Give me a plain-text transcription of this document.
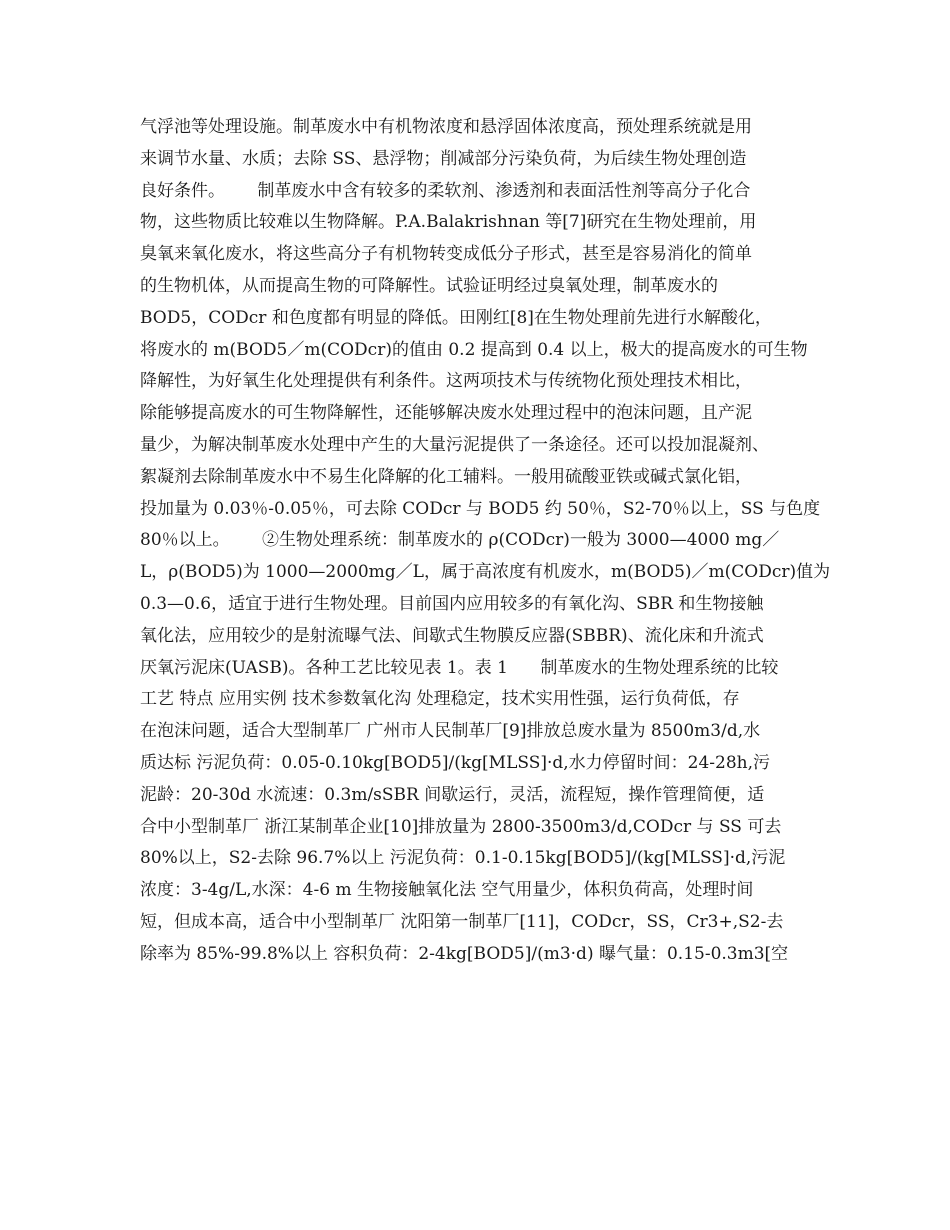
气浮池等处理设施。制革废水中有机物浓度和悬浮固体浓度高，预处理系统就是用
来调节水量、水质；去除 SS、悬浮物；削减部分污染负荷，为后续生物处理创造
良好条件。      制革废水中含有较多的柔软剂、渗透剂和表面活性剂等高分子化合
物，这些物质比较难以生物降解。P.A.Balakrishnan 等[7]研究在生物处理前，用
臭氧来氧化废水，将这些高分子有机物转变成低分子形式，甚至是容易消化的简单
的生物机体，从而提高生物的可降解性。试验证明经过臭氧处理，制革废水的
BOD5，CODcr 和色度都有明显的降低。田刚红[8]在生物处理前先进行水解酸化，
将废水的 m(BOD5／m(CODcr)的值由 0.2 提高到 0.4 以上，极大的提高废水的可生物
降解性，为好氧生化处理提供有利条件。这两项技术与传统物化预处理技术相比，
除能够提高废水的可生物降解性，还能够解决废水处理过程中的泡沫问题，且产泥
量少，为解决制革废水处理中产生的大量污泥提供了一条途径。还可以投加混凝剂、
絮凝剂去除制革废水中不易生化降解的化工辅料。一般用硫酸亚铁或碱式氯化铝，
投加量为 0.03％-0.05％，可去除 CODcr 与 BOD5 约 50％，S2-70％以上，SS 与色度
80％以上。      ②生物处理系统：制革废水的 ρ(CODcr)一般为 3000—4000 mg／
L，ρ(BOD5)为 1000—2000mg／L，属于高浓度有机废水，m(BOD5)／m(CODcr)值为
0.3—0.6，适宜于进行生物处理。目前国内应用较多的有氧化沟、SBR 和生物接触
氧化法，应用较少的是射流曝气法、间歇式生物膜反应器(SBBR)、流化床和升流式
厌氧污泥床(UASB)。各种工艺比较见表 1。表 1      制革废水的生物处理系统的比较
工艺 特点 应用实例 技术参数氧化沟 处理稳定，技术实用性强，运行负荷低，存
在泡沫问题，适合大型制革厂 广州市人民制革厂[9]排放总废水量为 8500m3/d,水
质达标 污泥负荷：0.05-0.10kg[BOD5]/(kg[MLSS]·d,水力停留时间：24-28h,污
泥龄：20-30d 水流速：0.3m/sSBR 间歇运行，灵活，流程短，操作管理简便，适
合中小型制革厂 浙江某制革企业[10]排放量为 2800-3500m3/d,CODcr 与 SS 可去
80%以上，S2-去除 96.7%以上 污泥负荷：0.1-0.15kg[BOD5]/(kg[MLSS]·d,污泥
浓度：3-4g/L,水深：4-6 m 生物接触氧化法 空气用量少，体积负荷高，处理时间
短，但成本高，适合中小型制革厂 沈阳第一制革厂[11]，CODcr，SS，Cr3+,S2-去
除率为 85%-99.8%以上 容积负荷：2-4kg[BOD5]/(m3·d) 曝气量：0.15-0.3m3[空
